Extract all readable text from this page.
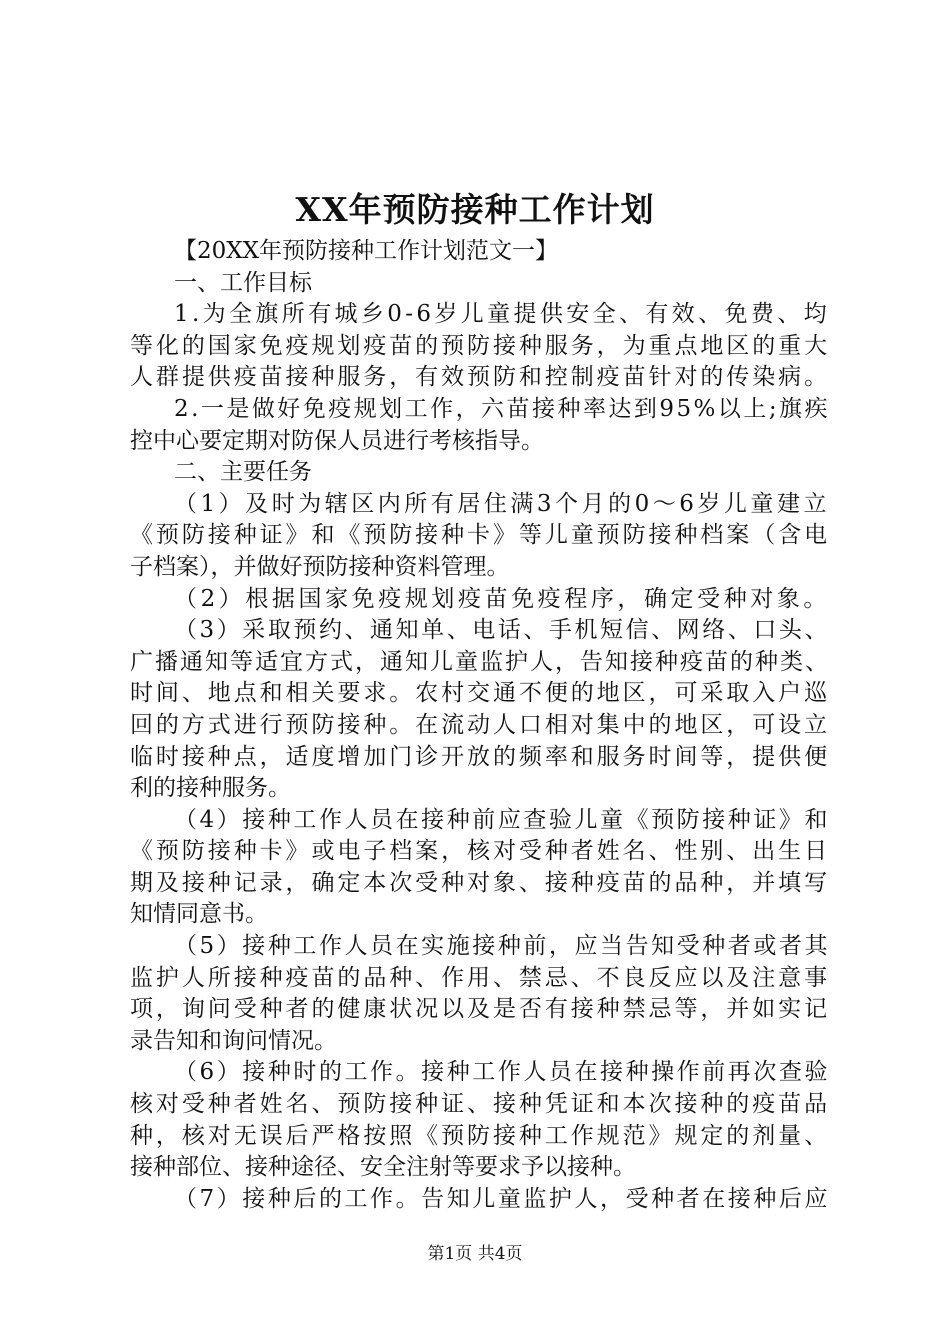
XX年预防接种工作计划
【20XX年预防接种工作计划范文一】
一、工作目标
1.为全旗所有城乡0-6岁儿童提供安全、有效、免费、均
等化的国家免疫规划疫苗的预防接种服务，为重点地区的重大
人群提供疫苗接种服务，有效预防和控制疫苗针对的传染病。
2.一是做好免疫规划工作，六苗接种率达到95%以上;旗疾
控中心要定期对防保人员进行考核指导。
二、主要任务
（1）及时为辖区内所有居住满3个月的0～6岁儿童建立
《预防接种证》和《预防接种卡》等儿童预防接种档案（含电
子档案），并做好预防接种资料管理。
（2）根据国家免疫规划疫苗免疫程序，确定受种对象。
（3）采取预约、通知单、电话、手机短信、网络、口头、
广播通知等适宜方式，通知儿童监护人，告知接种疫苗的种类、
时间、地点和相关要求。农村交通不便的地区，可采取入户巡
回的方式进行预防接种。在流动人口相对集中的地区，可设立
临时接种点，适度增加门诊开放的频率和服务时间等，提供便
利的接种服务。
（4）接种工作人员在接种前应查验儿童《预防接种证》和
《预防接种卡》或电子档案，核对受种者姓名、性别、出生日
期及接种记录，确定本次受种对象、接种疫苗的品种，并填写
知情同意书。
（5）接种工作人员在实施接种前，应当告知受种者或者其
监护人所接种疫苗的品种、作用、禁忌、不良反应以及注意事
项，询问受种者的健康状况以及是否有接种禁忌等，并如实记
录告知和询问情况。
（6）接种时的工作。接种工作人员在接种操作前再次查验
核对受种者姓名、预防接种证、接种凭证和本次接种的疫苗品
种，核对无误后严格按照《预防接种工作规范》规定的剂量、
接种部位、接种途径、安全注射等要求予以接种。
（7）接种后的工作。告知儿童监护人，受种者在接种后应
第1页 共4页
